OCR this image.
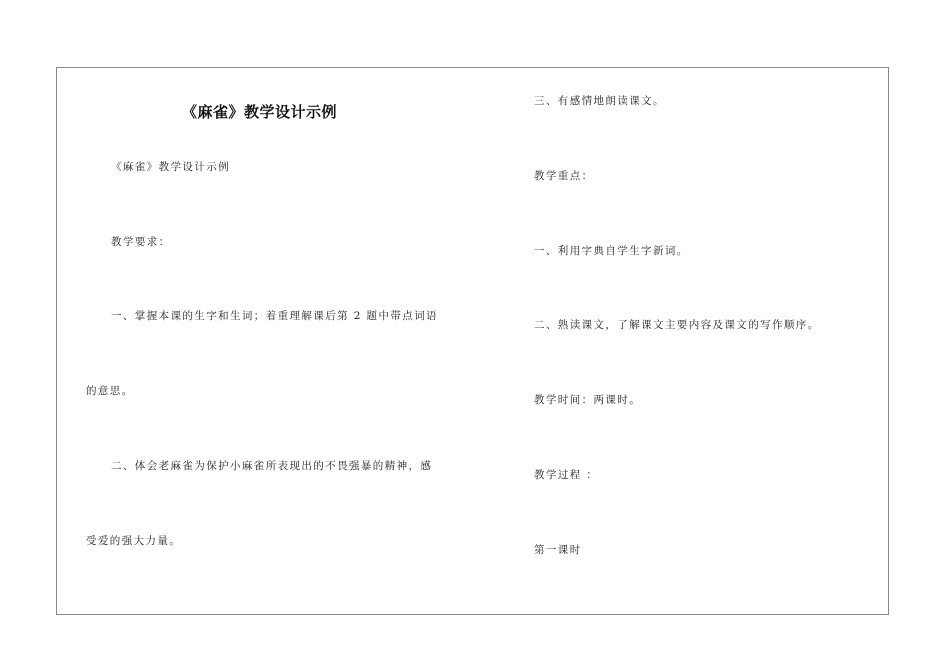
《麻雀》教学设计示例
《麻雀》教学设计示例
教学要求：
一、掌握本课的生字和生词；着重理解课后第 2 题中带点词语
的意思。
二、体会老麻雀为保护小麻雀所表现出的不畏强暴的精神，感
受爱的强大力量。
三、有感情地朗读课文。
教学重点：
一、利用字典自学生字新词。
二、熟读课文，了解课文主要内容及课文的写作顺序。
教学时间：两课时。
教学过程 ：
第一课时
